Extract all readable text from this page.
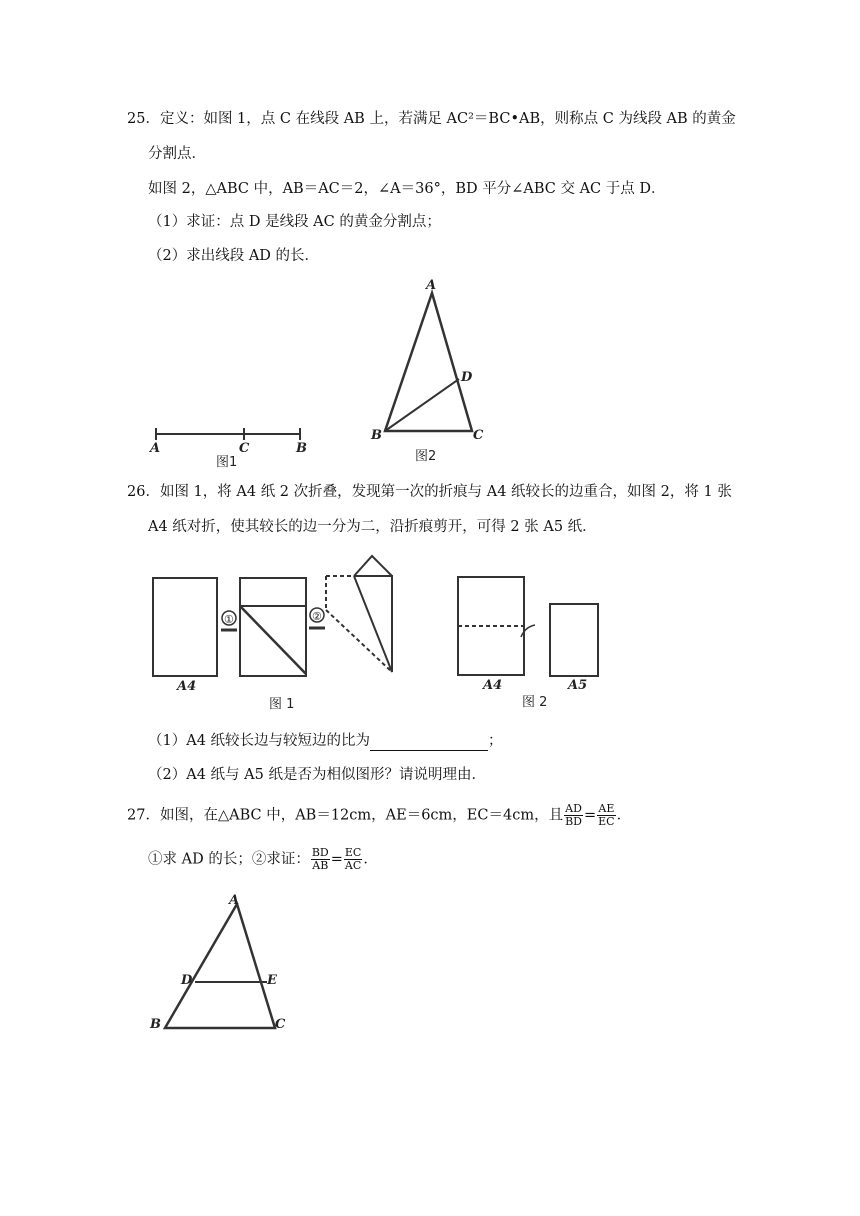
25．定义：如图 1，点 C 在线段 AB 上，若满足 AC²＝BC•AB，则称点 C 为线段 AB 的黄金
分割点．
如图 2，△ABC 中，AB＝AC＝2，∠A＝36°，BD 平分∠ABC 交 AC 于点 D．
（1）求证：点 D 是线段 AC 的黄金分割点；
（2）求出线段 AD 的长．
A	C	B
图1
A
D
B	C
图2
26．如图 1，将 A4 纸 2 次折叠，发现第一次的折痕与 A4 纸较长的边重合，如图 2，将 1 张
A4 纸对折，使其较长的边一分为二，沿折痕剪开，可得 2 张 A5 纸．
A4
①	②
图 1
A4	A5
图 2
（1）A4 纸较长边与较短边的比为	；
（2）A4 纸与 A5 纸是否为相似图形？请说明理由．
27．如图，在△ABC 中，AB＝12cm，AE＝6cm，EC＝4cm，且 $\frac{AD}{BD} = \frac{AE}{EC}$ ．
①求 AD 的长；②求证： $\frac{BD}{AB} = \frac{EC}{AC}$ ．
A
D	E
B	C
